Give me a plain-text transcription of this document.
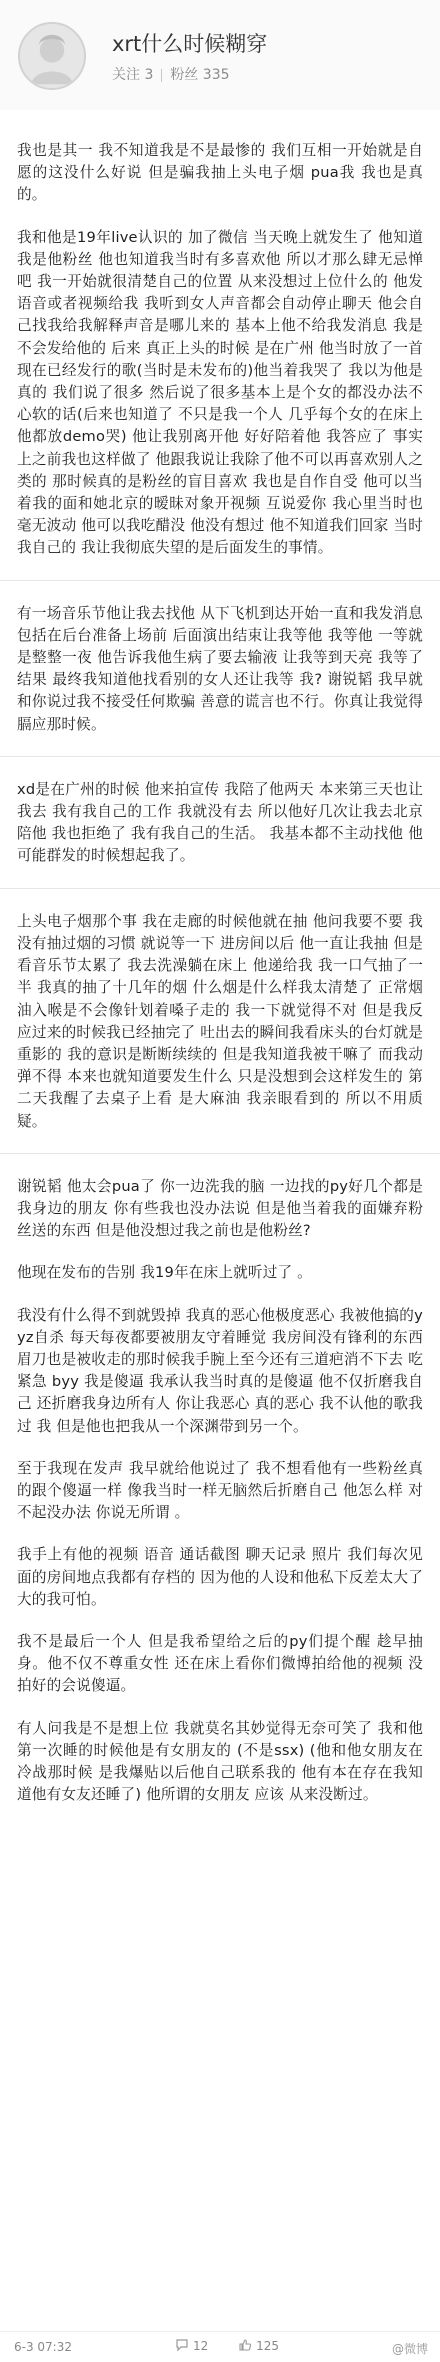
xrt什么时候糊穿
关注 3 粉丝 335

我也是其一 我不知道我是不是最惨的 我们互相一开始就是自愿的这没什么好说 但是骗我抽上头电子烟 pua我 我也是真的。

我和他是19年live认识的 加了微信 当天晚上就发生了 他知道我是他粉丝 他也知道我当时有多喜欢他 所以才那么肆无忌惮吧 我一开始就很清楚自己的位置 从来没想过上位什么的 他发语音或者视频给我 我听到女人声音都会自动停止聊天 他会自己找我给我解释声音是哪儿来的 基本上他不给我发消息 我是不会发给他的 后来 真正上头的时候 是在广州 他当时放了一首现在已经发行的歌(当时是未发布的)他当着我哭了 我以为他是真的 我们说了很多 然后说了很多基本上是个女的都没办法不心软的话(后来也知道了 不只是我一个人 几乎每个女的在床上他都放demo哭) 他让我别离开他 好好陪着他 我答应了 事实上之前我也这样做了 他跟我说让我除了他不可以再喜欢别人之类的 那时候真的是粉丝的盲目喜欢 我也是自作自受 他可以当着我的面和她北京的暧昧对象开视频 互说爱你 我心里当时也毫无波动 他可以我吃醋没 他没有想过 他不知道我们回家 当时我自己的 我让我彻底失望的是后面发生的事情。

有一场音乐节他让我去找他 从下飞机到达开始一直和我发消息 包括在后台准备上场前 后面演出结束让我等他 我等他 一等就是整整一夜 他告诉我他生病了要去输液 让我等到天亮 我等了 结果 最终我知道他找看别的女人还让我等 我? 谢锐韬 我早就和你说过我不接受任何欺骗 善意的谎言也不行。你真让我觉得膈应那时候。

xd是在广州的时候 他来拍宣传 我陪了他两天 本来第三天也让我去 我有我自己的工作 我就没有去 所以他好几次让我去北京陪他 我也拒绝了 我有我自己的生活。 我基本都不主动找他 他可能群发的时候想起我了。

上头电子烟那个事 我在走廊的时候他就在抽 他问我要不要 我没有抽过烟的习惯 就说等一下 进房间以后 他一直让我抽 但是看音乐节太累了 我去洗澡躺在床上 他递给我 我一口气抽了一半 我真的抽了十几年的烟 什么烟是什么样我太清楚了 正常烟油入喉是不会像针划着嗓子走的 我一下就觉得不对 但是我反应过来的时候我已经抽完了 吐出去的瞬间我看床头的台灯就是重影的 我的意识是断断续续的 但是我知道我被干嘛了 而我动弹不得 本来也就知道要发生什么 只是没想到会这样发生的 第二天我醒了去桌子上看 是大麻油 我亲眼看到的 所以不用质疑。

谢锐韬 他太会pua了 你一边洗我的脑 一边找的py好几个都是我身边的朋友 你有些我也没办法说 但是他当着我的面嫌弃粉丝送的东西 但是他没想过我之前也是他粉丝?

他现在发布的告别 我19年在床上就听过了 。

我没有什么得不到就毁掉 我真的恶心他极度恶心 我被他搞的yyz自杀 每天每夜都要被朋友守着睡觉 我房间没有锋利的东西 眉刀也是被收走的那时候我手腕上至今还有三道疤消不下去 吃紧急 byy 我是傻逼 我承认我当时真的是傻逼 他不仅折磨我自己 还折磨我身边所有人 你让我恶心 真的恶心 我不认他的歌我过 我 但是他也把我从一个深渊带到另一个。

至于我现在发声 我早就给他说过了 我不想看他有一些粉丝真的跟个傻逼一样 像我当时一样无脑然后折磨自己 他怎么样 对不起没办法 你说无所谓 。

我手上有他的视频 语音 通话截图 聊天记录 照片 我们每次见面的房间地点我都有存档的 因为他的人设和他私下反差太大了 大的我可怕。

我不是最后一个人 但是我希望给之后的py们提个醒 趁早抽身。他不仅不尊重女性 还在床上看你们微博拍给他的视频 没拍好的会说傻逼。

有人问我是不是想上位 我就莫名其妙觉得无奈可笑了 我和他第一次睡的时候他是有女朋友的 (不是ssx) (他和他女朋友在冷战那时候 是我爆贴以后他自己联系我的 他有本在存在我知道他有女友还睡了) 他所谓的女朋友 应该 从来没断过。

6-3 07:32	12	125	@微博
